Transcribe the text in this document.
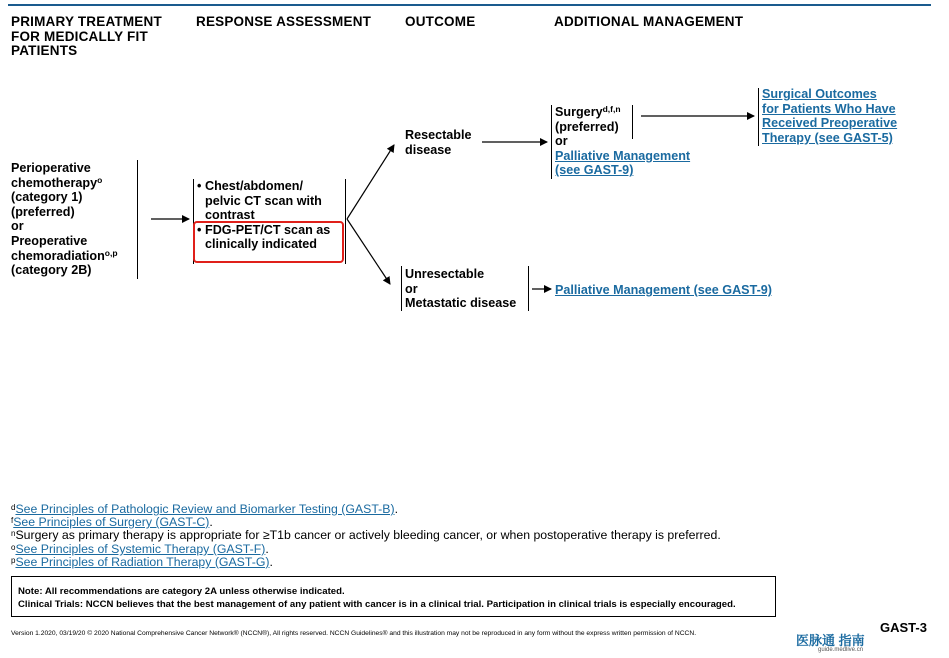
PRIMARY TREATMENT FOR MEDICALLY FIT PATIENTS
RESPONSE ASSESSMENT	OUTCOME	ADDITIONAL MANAGEMENT
Perioperative
chemotherapy$^o$
(category 1)
(preferred)
or
Preoperative
chemoradiation$^{o,p}$
(category 2B)
• Chest/abdomen/ pelvic CT scan with contrast
• FDG-PET/CT scan as clinically indicated
Resectable
disease
Unresectable
or
Metastatic disease
Surgery$^{d,f,n}$
(preferred)
or
Palliative Management
(see GAST-9)
Surgical Outcomes
for Patients Who Have
Received Preoperative
Therapy (see GAST-5)
Palliative Management (see GAST-9)
$^d$See Principles of Pathologic Review and Biomarker Testing (GAST-B).
$^f$See Principles of Surgery (GAST-C).
$^n$Surgery as primary therapy is appropriate for ≥T1b cancer or actively bleeding cancer, or when postoperative therapy is preferred.
$^o$See Principles of Systemic Therapy (GAST-F).
$^p$See Principles of Radiation Therapy (GAST-G).
Note: All recommendations are category 2A unless otherwise indicated.
Clinical Trials: NCCN believes that the best management of any patient with cancer is in a clinical trial. Participation in clinical trials is especially encouraged.
Version 1.2020, 03/19/20 © 2020 National Comprehensive Cancer Network® (NCCN®), All rights reserved. NCCN Guidelines® and this illustration may not be reproduced in any form without the express written permission of NCCN.	医脉通 指南
guide.medlive.cn
GAST-3
